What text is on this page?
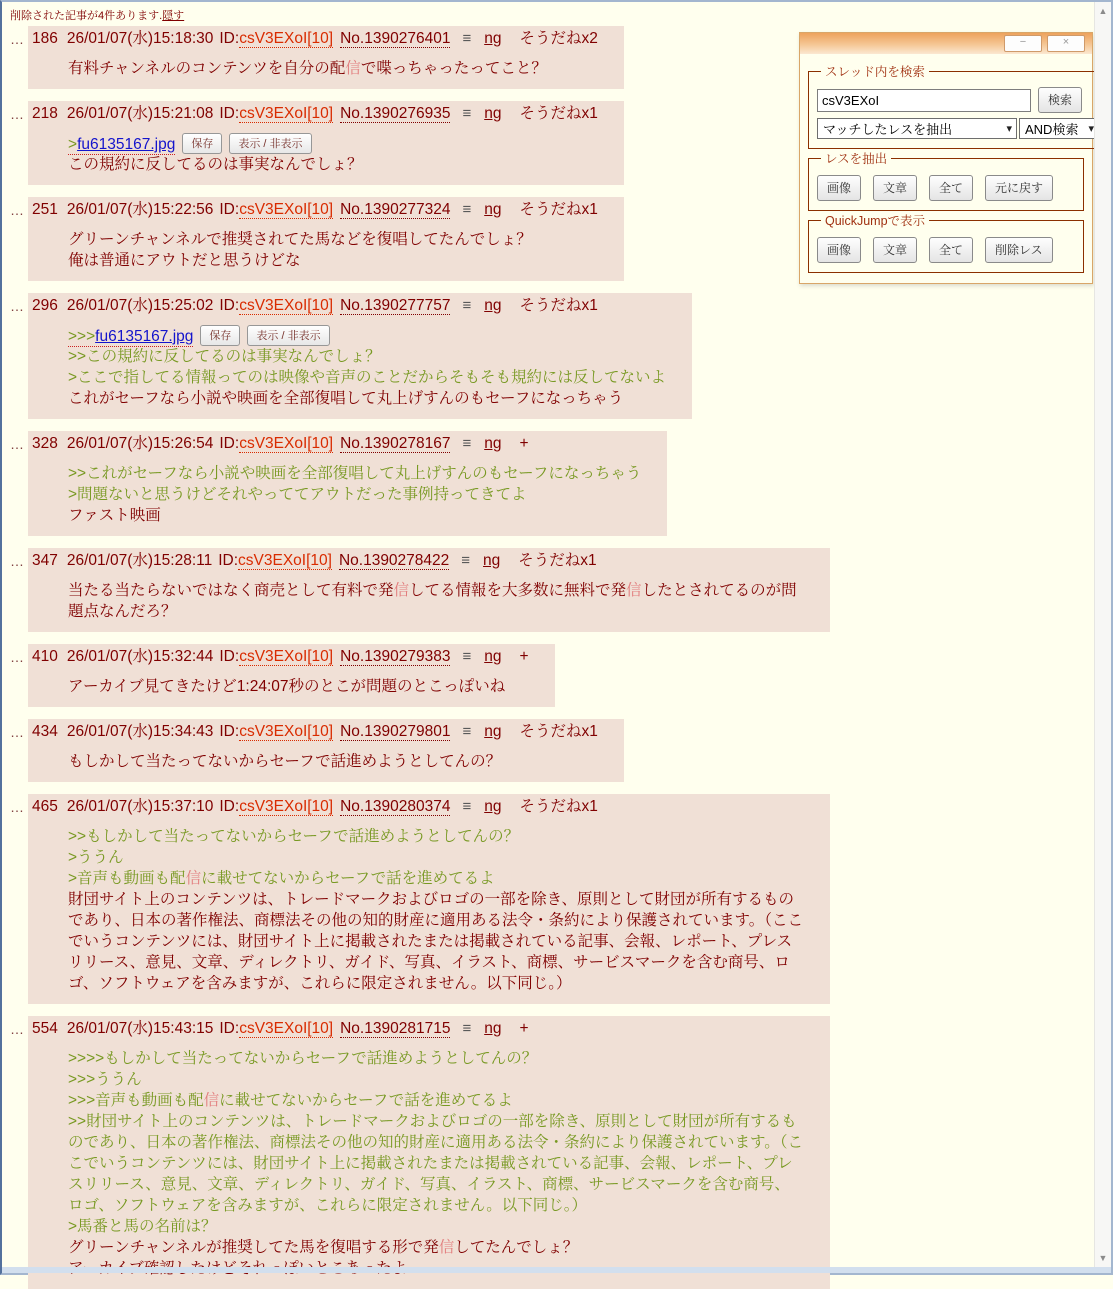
削除された記事が4件あります.隠す
… 186 26/01/07(水)15:18:30 ID:csV3EXoI[10] No.1390276401 ≡ ng そうだねx2
有料チャンネルのコンテンツを自分の配信で喋っちゃったってこと？
… 218 26/01/07(水)15:21:08 ID:csV3EXoI[10] No.1390276935 ≡ ng そうだねx1
>fu6135167.jpg 保存 表示 / 非表示
この規約に反してるのは事実なんでしょ？
… 251 26/01/07(水)15:22:56 ID:csV3EXoI[10] No.1390277324 ≡ ng そうだねx1
グリーンチャンネルで推奨されてた馬などを復唱してたんでしょ？
俺は普通にアウトだと思うけどな
… 296 26/01/07(水)15:25:02 ID:csV3EXoI[10] No.1390277757 ≡ ng そうだねx1
>>>fu6135167.jpg 保存 表示 / 非表示
>>この規約に反してるのは事実なんでしょ？
>ここで指してる情報ってのは映像や音声のことだからそもそも規約には反してないよ
これがセーフなら小説や映画を全部復唱して丸上げすんのもセーフになっちゃう
… 328 26/01/07(水)15:26:54 ID:csV3EXoI[10] No.1390278167 ≡ ng +
>>これがセーフなら小説や映画を全部復唱して丸上げすんのもセーフになっちゃう
>問題ないと思うけどそれやっててアウトだった事例持ってきてよ
ファスト映画
… 347 26/01/07(水)15:28:11 ID:csV3EXoI[10] No.1390278422 ≡ ng そうだねx1
当たる当たらないではなく商売として有料で発信してる情報を大多数に無料で発信したとされてるのが問題点なんだろ？
… 410 26/01/07(水)15:32:44 ID:csV3EXoI[10] No.1390279383 ≡ ng +
アーカイブ見てきたけど1:24:07秒のとこが問題のとこっぽいね
… 434 26/01/07(水)15:34:43 ID:csV3EXoI[10] No.1390279801 ≡ ng そうだねx1
もしかして当たってないからセーフで話進めようとしてんの？
… 465 26/01/07(水)15:37:10 ID:csV3EXoI[10] No.1390280374 ≡ ng そうだねx1
>>もしかして当たってないからセーフで話進めようとしてんの？
>ううん
>音声も動画も配信に載せてないからセーフで話を進めてるよ
財団サイト上のコンテンツは、トレードマークおよびロゴの一部を除き、原則として財団が所有するものであり、日本の著作権法、商標法その他の知的財産に適用ある法令・条約により保護されています。（ここでいうコンテンツには、財団サイト上に掲載されたまたは掲載されている記事、会報、レポート、プレスリリース、意見、文章、ディレクトリ、ガイド、写真、イラスト、商標、サービスマークを含む商号、ロゴ、ソフトウェアを含みますが、これらに限定されません。以下同じ。）
… 554 26/01/07(水)15:43:15 ID:csV3EXoI[10] No.1390281715 ≡ ng +
>>>>もしかして当たってないからセーフで話進めようとしてんの？
>>>ううん
>>>音声も動画も配信に載せてないからセーフで話を進めてるよ
>>財団サイト上のコンテンツは、トレードマークおよびロゴの一部を除き、原則として財団が所有するものであり、日本の著作権法、商標法その他の知的財産に適用ある法令・条約により保護されています。（ここでいうコンテンツには、財団サイト上に掲載されたまたは掲載されている記事、会報、レポート、プレスリリース、意見、文章、ディレクトリ、ガイド、写真、イラスト、商標、サービスマークを含む商号、ロゴ、ソフトウェアを含みますが、これらに限定されません。以下同じ。）
>馬番と馬の名前は？
グリーンチャンネルが推奨してた馬を復唱する形で発信してたんでしょ？
−	×
スレッド内を検索
csV3EXoI
検索
マッチしたレスを抽出	▾ AND検索 ▾
レスを抽出
画像	文章	全て	元に戻す
QuickJumpで表示
画像	文章	全て	削除レス
▲
▼
